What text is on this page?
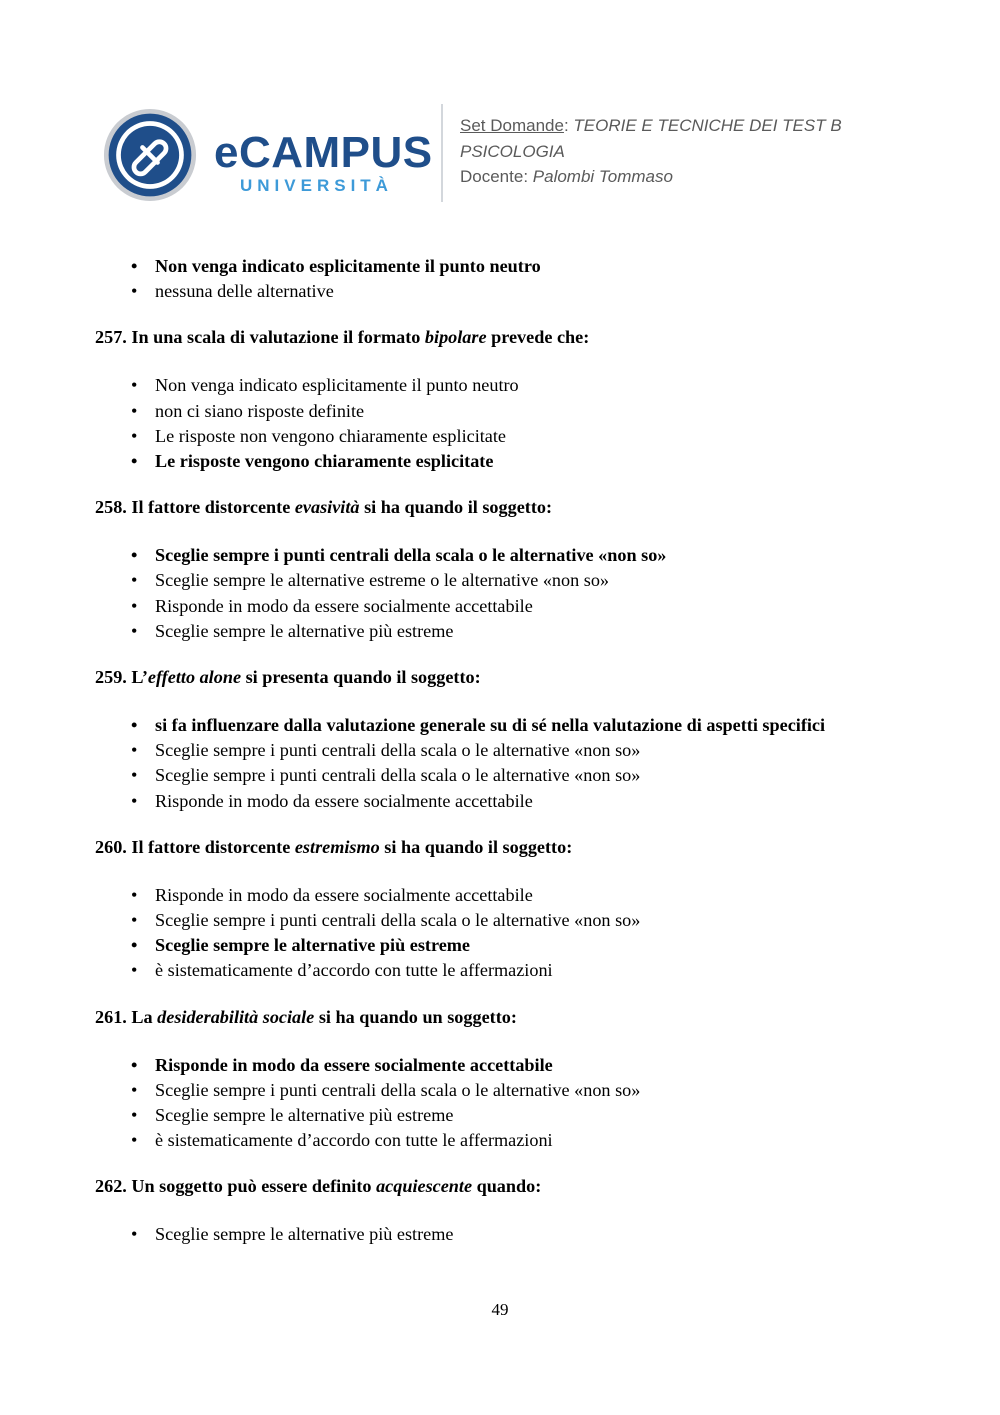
eCAMPUS
UNIVERSITÀ
Set Domande: TEORIE E TECNICHE DEI TEST B
PSICOLOGIA
Docente: Palombi Tommaso
• Non venga indicato esplicitamente il punto neutro
• nessuna delle alternative
257. In una scala di valutazione il formato bipolare prevede che:
• Non venga indicato esplicitamente il punto neutro
• non ci siano risposte definite
• Le risposte non vengono chiaramente esplicitate
• Le risposte vengono chiaramente esplicitate
258. Il fattore distorcente evasività si ha quando il soggetto:
• Sceglie sempre i punti centrali della scala o le alternative «non so»
• Sceglie sempre le alternative estreme o le alternative «non so»
• Risponde in modo da essere socialmente accettabile
• Sceglie sempre le alternative più estreme
259. L’effetto alone si presenta quando il soggetto:
• si fa influenzare dalla valutazione generale su di sé nella valutazione di aspetti specifici
• Sceglie sempre i punti centrali della scala o le alternative «non so»
• Sceglie sempre i punti centrali della scala o le alternative «non so»
• Risponde in modo da essere socialmente accettabile
260. Il fattore distorcente estremismo si ha quando il soggetto:
• Risponde in modo da essere socialmente accettabile
• Sceglie sempre i punti centrali della scala o le alternative «non so»
• Sceglie sempre le alternative più estreme
• è sistematicamente d’accordo con tutte le affermazioni
261. La desiderabilità sociale si ha quando un soggetto:
• Risponde in modo da essere socialmente accettabile
• Sceglie sempre i punti centrali della scala o le alternative «non so»
• Sceglie sempre le alternative più estreme
• è sistematicamente d’accordo con tutte le affermazioni
262. Un soggetto può essere definito acquiescente quando:
• Sceglie sempre le alternative più estreme
49
